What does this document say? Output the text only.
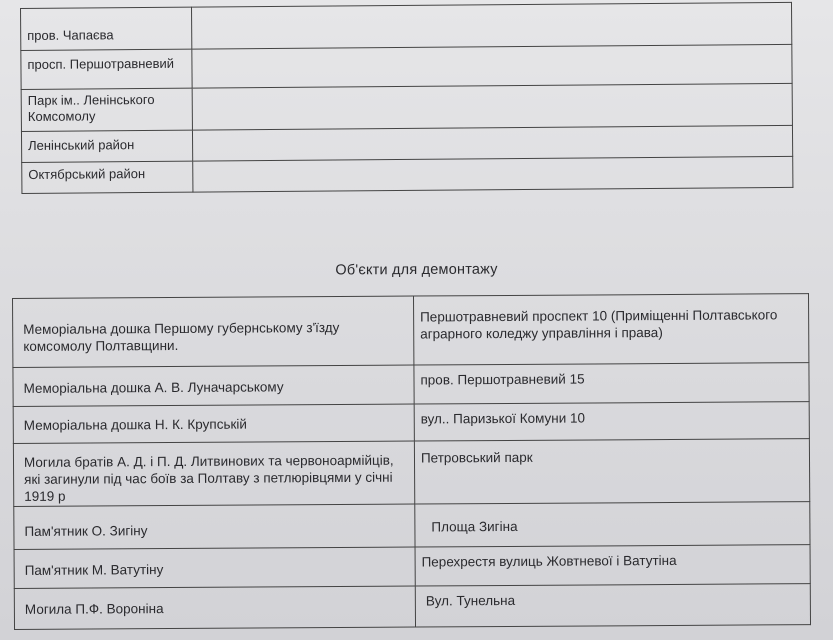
пров. Чапаєва	
просп. Першотравневий	
Парк ім.. Ленінського Комсомолу	
Ленінський район	
Октябрський район	
Об'єкти для демонтажу
Меморіальна дошка Першому губернському з'їзду комсомолу Полтавщини.	Першотравневий проспект 10 (Приміщенні Полтавського аграрного коледжу управління і права)
Меморіальна дошка А. В. Луначарському	пров. Першотравневий 15
Меморіальна дошка Н. К. Крупській	вул.. Паризької Комуни 10
Могила братів А. Д. і П. Д. Литвинових та червоноармійців, які загинули під час боїв за Полтаву з петлюрівцями у січні 1919 р	Петровський парк
Пам'ятник О. Зигіну	Площа Зигіна
Пам'ятник М. Ватутіну	Перехрестя вулиць Жовтневої і Ватутіна
Могила П.Ф. Вороніна	Вул. Тунельна
